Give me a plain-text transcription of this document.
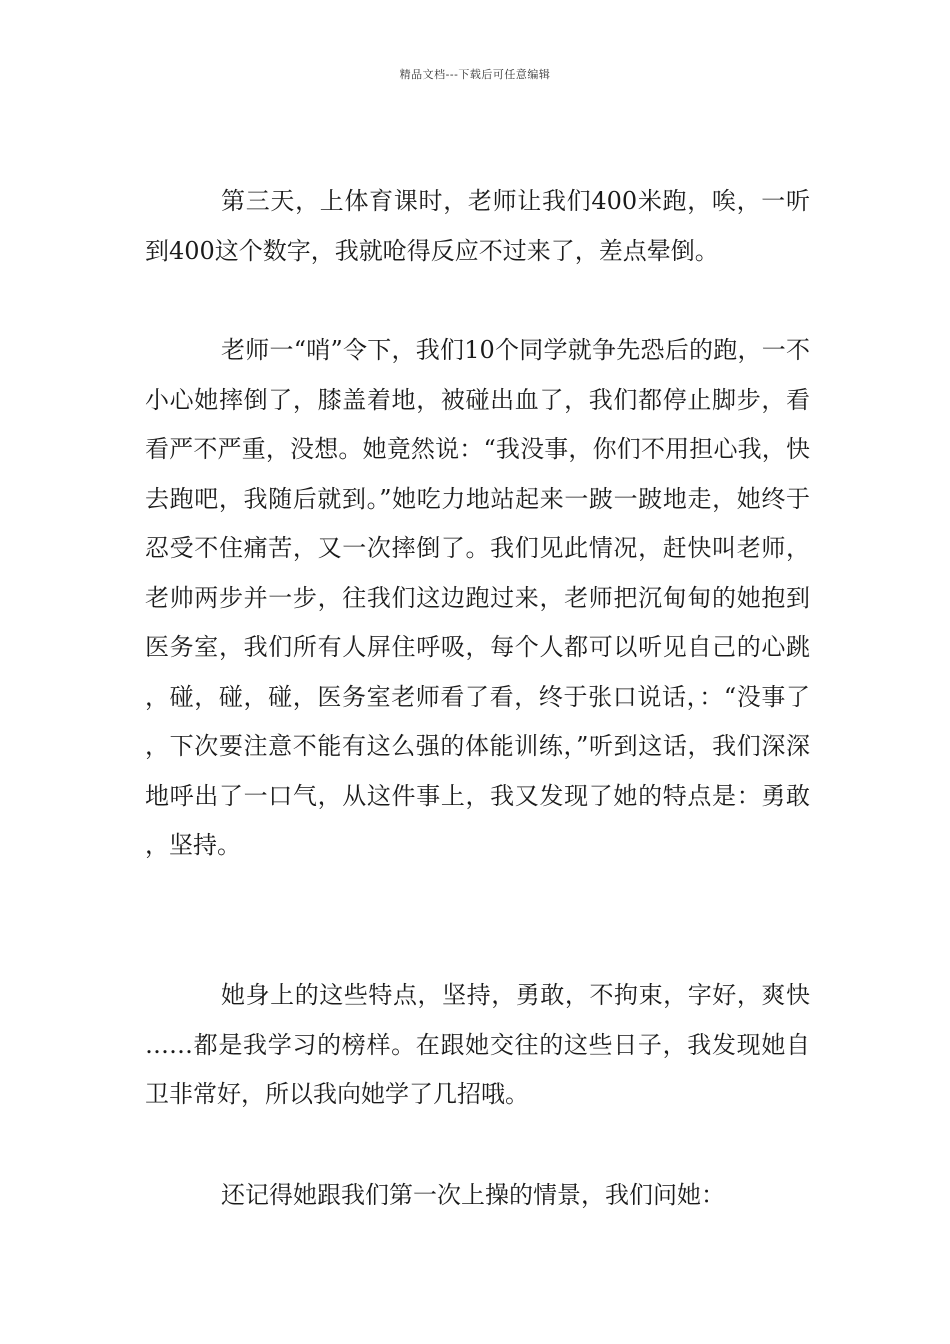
精品文档---下载后可任意编辑

第三天，上体育课时，老师让我们400米跑，唉，一听到400这个数字，我就呛得反应不过来了，差点晕倒。

老师一“哨”令下，我们10个同学就争先恐后的跑，一不小心她摔倒了，膝盖着地，被碰出血了，我们都停止脚步，看看严不严重，没想。她竟然说：“我没事，你们不用担心我，快去跑吧，我随后就到。”她吃力地站起来一跛一跛地走，她终于忍受不住痛苦，又一次摔倒了。我们见此情况，赶快叫老师，老帅两步并一步，往我们这边跑过来，老师把沉甸甸的她抱到医务室，我们所有人屏住呼吸，每个人都可以听见自己的心跳，碰，碰，碰，医务室老师看了看，终于张口说话，：“没事了，下次要注意不能有这么强的体能训练，”听到这话，我们深深地呼出了一口气，从这件事上，我又发现了她的特点是：勇敢，坚持。

她身上的这些特点，坚持，勇敢，不拘束，字好，爽快……都是我学习的榜样。在跟她交往的这些日子，我发现她自卫非常好，所以我向她学了几招哦。

还记得她跟我们第一次上操的情景，我们问她：
